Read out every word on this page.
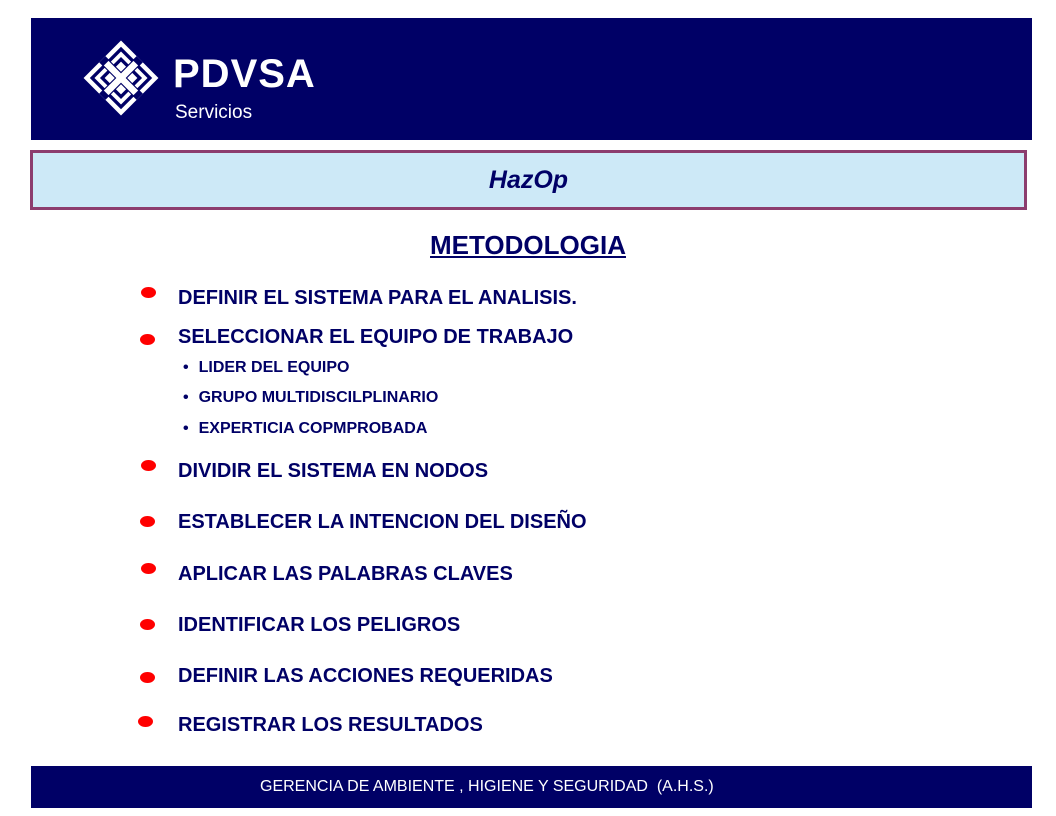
PDVSA
Servicios
HazOp
METODOLOGIA
DEFINIR EL SISTEMA PARA EL ANALISIS.
SELECCIONAR EL EQUIPO DE TRABAJO
• LIDER DEL EQUIPO
• GRUPO MULTIDISCILPLINARIO
• EXPERTICIA COPMPROBADA
DIVIDIR EL SISTEMA EN NODOS
ESTABLECER LA INTENCION DEL DISEÑO
APLICAR LAS PALABRAS CLAVES
IDENTIFICAR LOS PELIGROS
DEFINIR LAS ACCIONES REQUERIDAS
REGISTRAR LOS RESULTADOS
GERENCIA DE AMBIENTE , HIGIENE Y SEGURIDAD  (A.H.S.)
